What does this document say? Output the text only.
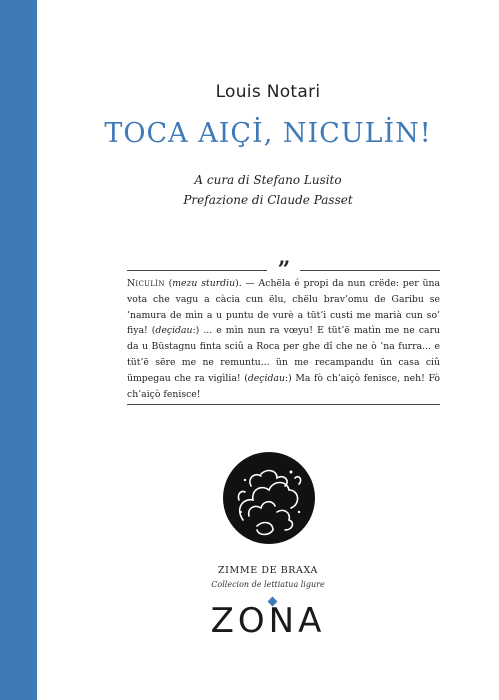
Louis Notari
TOCA AIÇİ, NICULİN!
A cura di Stefano Lusito
Prefazione di Claude Passet
”
Niculìn (mezu sturdiu). — Achëla é propi da nun crëde: per üna vota che vagu a càcia cun ëlu, chëlu brav’omu de Garibu se ’namura de mìn a u puntu de vurè a tüt’i custi me marià cun so’ fiya! (deçidau:) ... e mìn nun ra vœyu! E tüt’ë matìn me ne caru da u Büstagnu finta sciû a Roca per ghe dî che ne ò ’na furra... e tüt’ë sëre me ne remuntu... ün me recampandu ün casa ciû ümpegau che ra vigìlia! (deçidau:) Ma fò ch’aiçò fenisce, neh! Fò ch’aiçò fenisce!
ZIMME DE BRAXA
Collecion de lettiatua ligure
ZONA
